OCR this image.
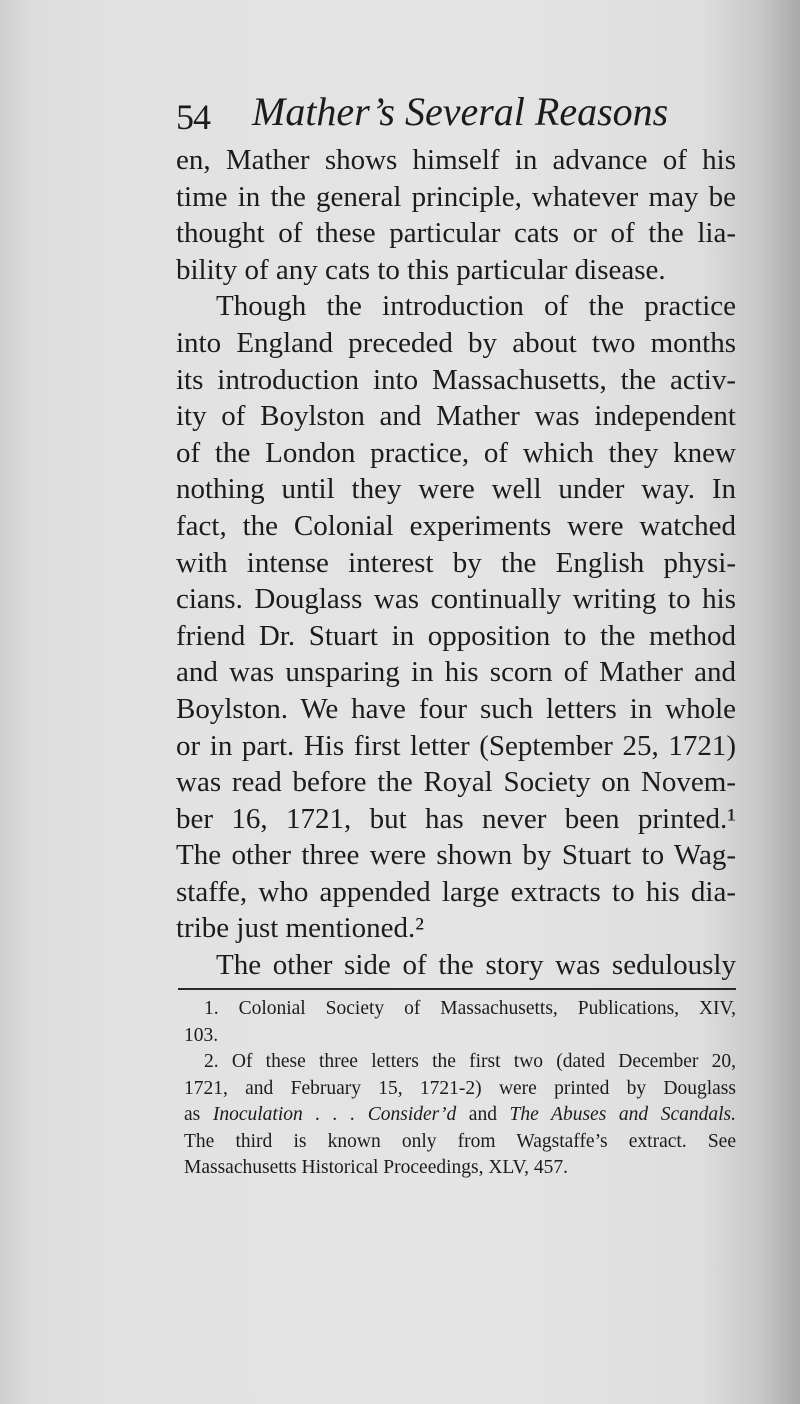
54 Mather’s Several Reasons
en, Mather shows himself in advance of his
time in the general principle, whatever may be
thought of these particular cats or of the lia-
bility of any cats to this particular disease.
Though the introduction of the practice
into England preceded by about two months
its introduction into Massachusetts, the activ-
ity of Boylston and Mather was independent
of the London practice, of which they knew
nothing until they were well under way. In
fact, the Colonial experiments were watched
with intense interest by the English physi-
cians. Douglass was continually writing to his
friend Dr. Stuart in opposition to the method
and was unsparing in his scorn of Mather and
Boylston. We have four such letters in whole
or in part. His first letter (September 25, 1721)
was read before the Royal Society on Novem-
ber 16, 1721, but has never been printed.¹
The other three were shown by Stuart to Wag-
staffe, who appended large extracts to his dia-
tribe just mentioned.²
The other side of the story was sedulously
1. Colonial Society of Massachusetts, Publications, XIV,
103.
2. Of these three letters the first two (dated December 20,
1721, and February 15, 1721-2) were printed by Douglass
as Inoculation . . . Consider’d and The Abuses and Scandals.
The third is known only from Wagstaffe’s extract. See
Massachusetts Historical Proceedings, XLV, 457.
